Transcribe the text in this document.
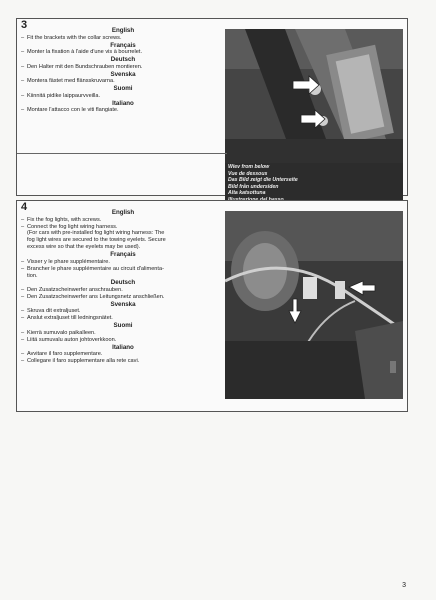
3	English
– Fit the brackets with the collar screws.
Français
– Monter la fixation à l'aide d'une vis à bourrelet.
Deutsch
– Den Halter mit den Bundschrauben montieren.
Svenska
– Montera fästet med flänsskruvarna.
Suomi
– Kiinnitä pidike laippaurvveilla.
Italiano
– Montare l'attacco con le viti flangiate.
Wiev from below
Vue de dessous
Das Bild zeigt die Unterseite
Bild från undersiden
Alta katsottuna
4	English
– Fix the fog lights, with screws.
– Connect the fog light wiring harness.
(For cars with pre-installed fog light wiring harness: The
fog light wires are secured to the towing eyelets. Secure
excess wire so that the eyelets may be used).
Français
– Visser y le phare supplémentaire.
– Brancher le phare supplémentaire au circuit d'alimenta-
tion.
Deutsch
– Den Zusatzscheinwerfer anschrauben.
– Den Zusatzscheinwerfer ans Leitungsnetz anschließen.
Svenska
– Skruva dit extraljuset.
– Anslut extraljuset till ledningsnätet.
Suomi
– Kierrä sumuvalo paikalleen.
– Liitä sumuvalu auton johtoverkkoon.
Italiano
– Avvitare il faro supplementare.
– Collegare il faro supplementare alla rete cavi.
3
